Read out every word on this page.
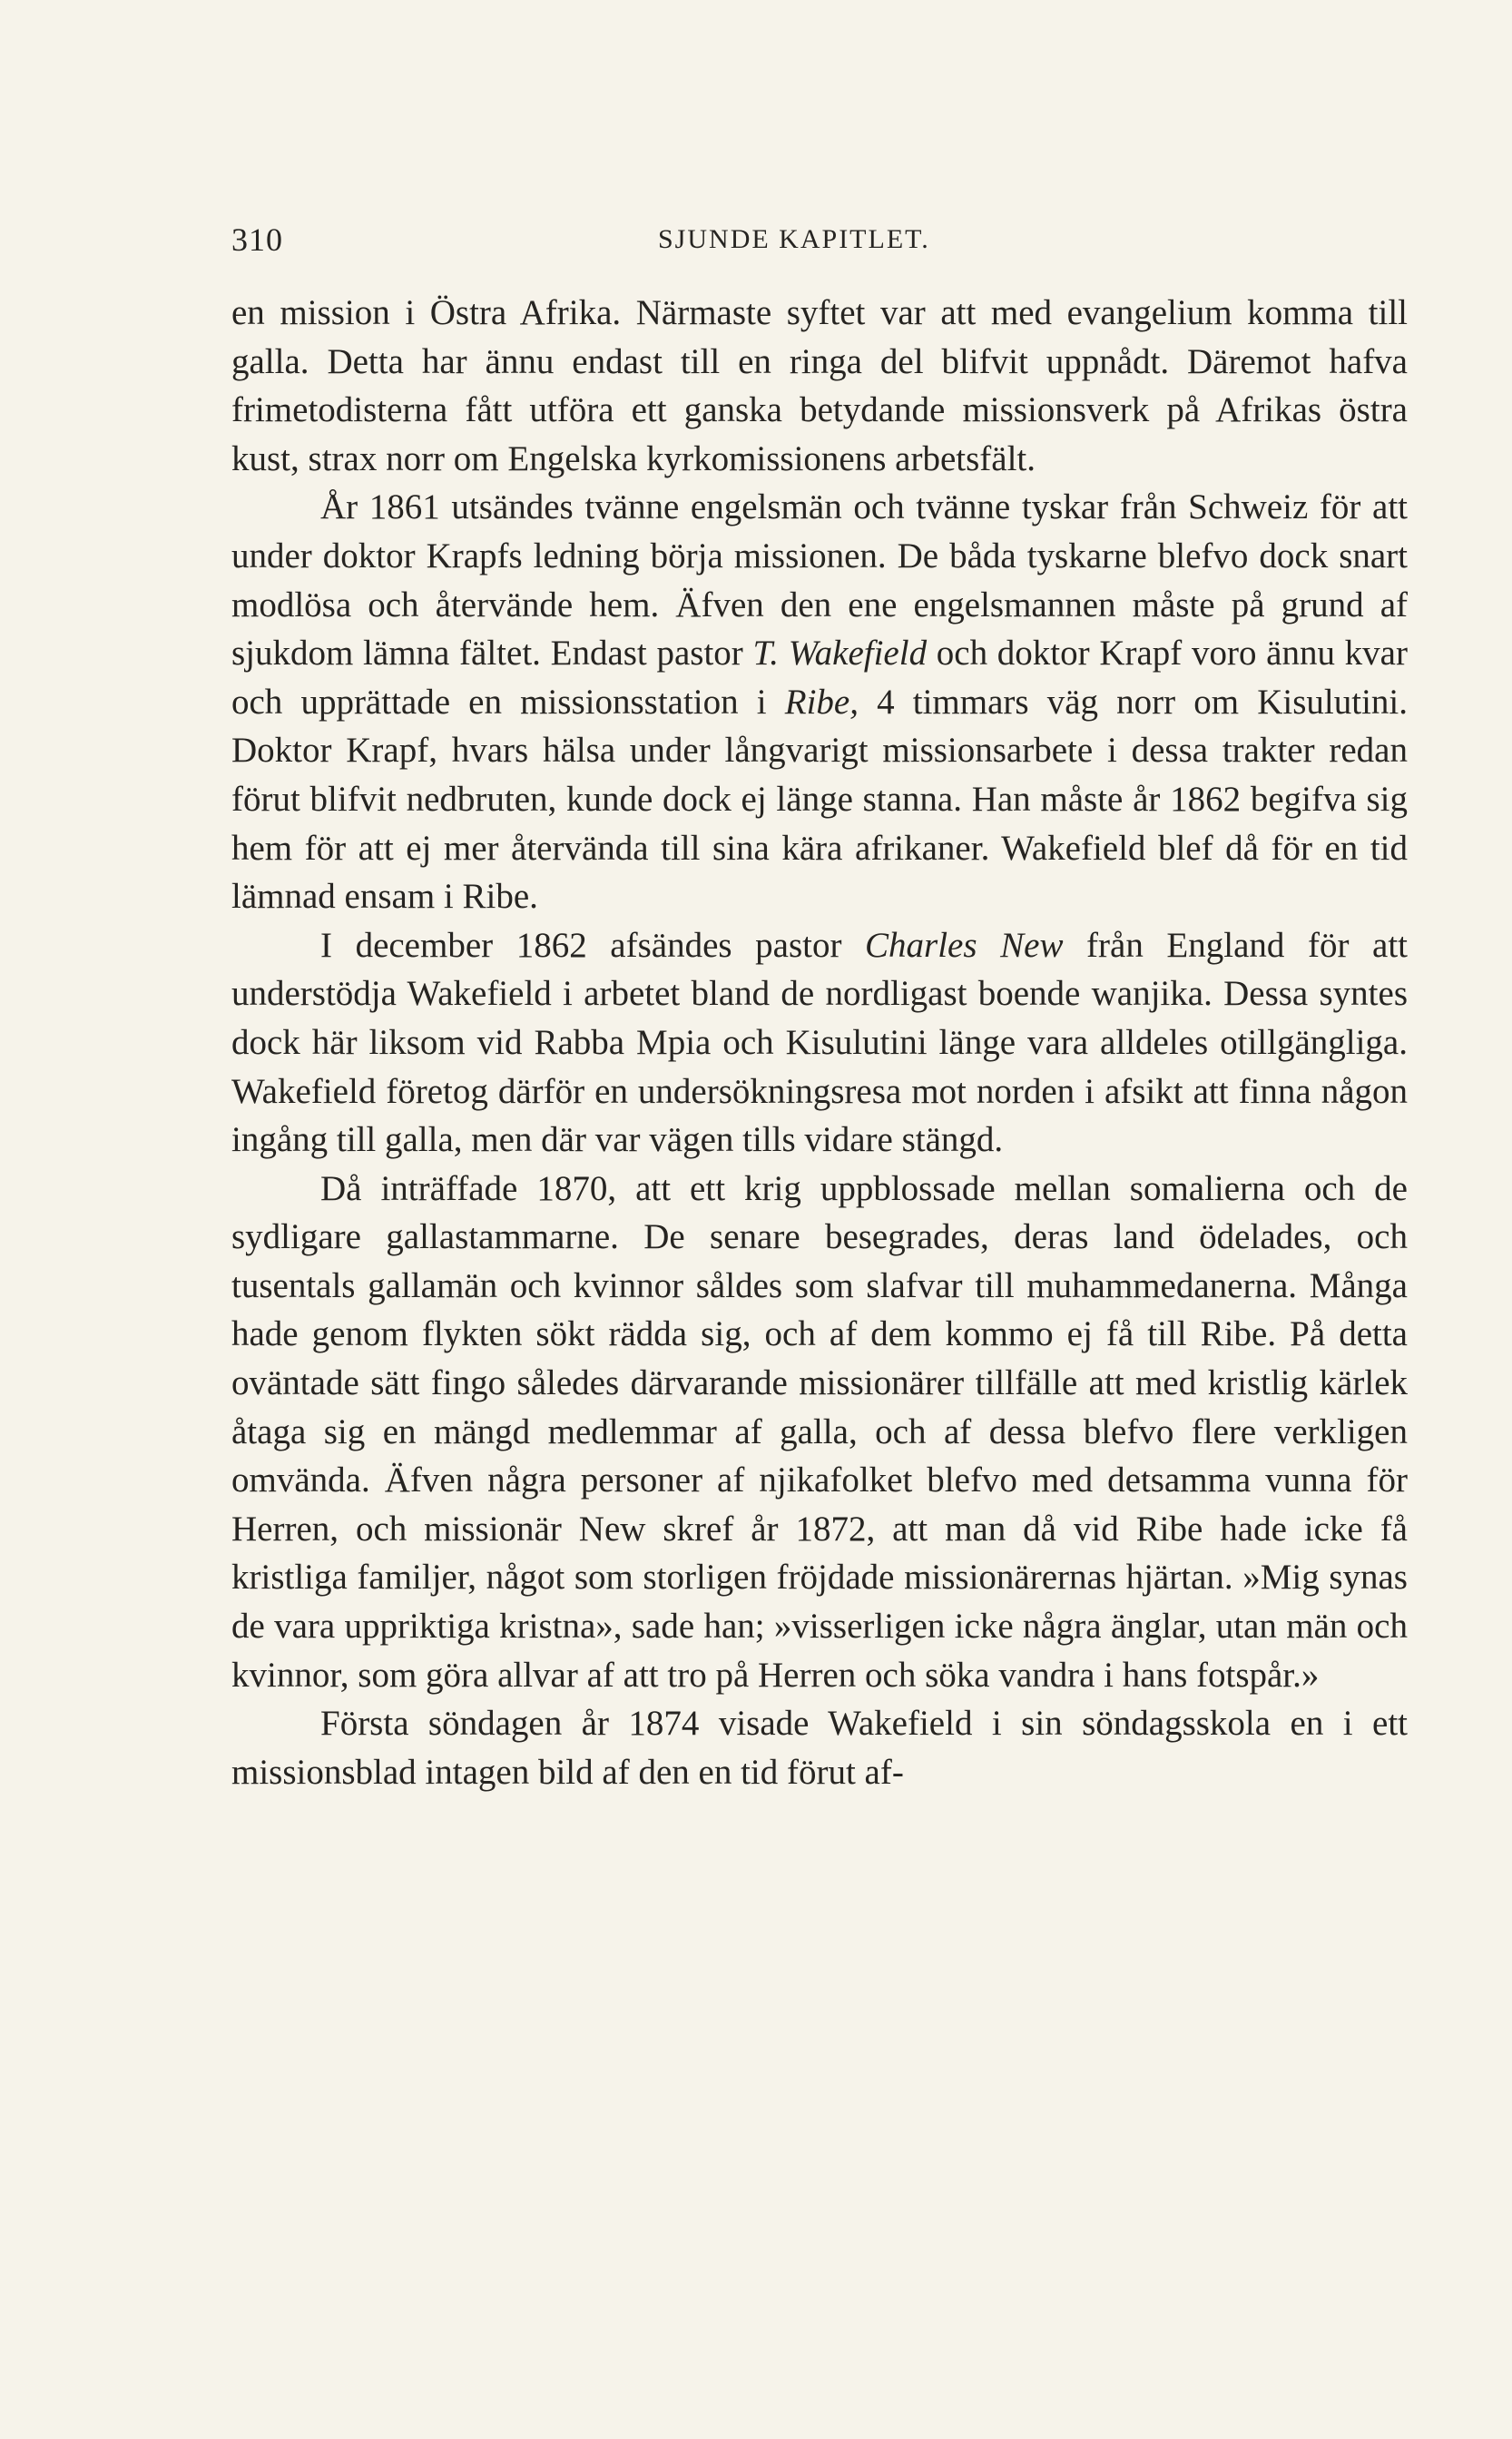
310	SJUNDE KAPITLET.

en mission i Östra Afrika. Närmaste syftet var att med evangelium komma till galla. Detta har ännu endast till en ringa del blifvit uppnådt. Däremot hafva frimetodisterna fått utföra ett ganska betydande missionsverk på Afrikas östra kust, strax norr om Engelska kyrkomissionens arbetsfält.

År 1861 utsändes tvänne engelsmän och tvänne tyskar från Schweiz för att under doktor Krapfs ledning börja missionen. De båda tyskarne blefvo dock snart modlösa och återvände hem. Äfven den ene engelsmannen måste på grund af sjukdom lämna fältet. Endast pastor T. Wakefield och doktor Krapf voro ännu kvar och upprättade en missionsstation i Ribe, 4 timmars väg norr om Kisulutini. Doktor Krapf, hvars hälsa under långvarigt missionsarbete i dessa trakter redan förut blifvit nedbruten, kunde dock ej länge stanna. Han måste år 1862 begifva sig hem för att ej mer återvända till sina kära afrikaner. Wakefield blef då för en tid lämnad ensam i Ribe.

I december 1862 afsändes pastor Charles New från England för att understödja Wakefield i arbetet bland de nordligast boende wanjika. Dessa syntes dock här liksom vid Rabba Mpia och Kisulutini länge vara alldeles otillgängliga. Wakefield företog därför en undersökningsresa mot norden i afsikt att finna någon ingång till galla, men där var vägen tills vidare stängd.

Då inträffade 1870, att ett krig uppblossade mellan somalierna och de sydligare gallastammarne. De senare besegrades, deras land ödelades, och tusentals gallamän och kvinnor såldes som slafvar till muhammedanerna. Många hade genom flykten sökt rädda sig, och af dem kommo ej få till Ribe. På detta oväntade sätt fingo således därvarande missionärer tillfälle att med kristlig kärlek åtaga sig en mängd medlemmar af galla, och af dessa blefvo flere verkligen omvända. Äfven några personer af njikafolket blefvo med detsamma vunna för Herren, och missionär New skref år 1872, att man då vid Ribe hade icke få kristliga familjer, något som storligen fröjdade missionärernas hjärtan. »Mig synas de vara uppriktiga kristna», sade han; »visserligen icke några änglar, utan män och kvinnor, som göra allvar af att tro på Herren och söka vandra i hans fotspår.»

Första söndagen år 1874 visade Wakefield i sin söndagsskola en i ett missionsblad intagen bild af den en tid förut af-
